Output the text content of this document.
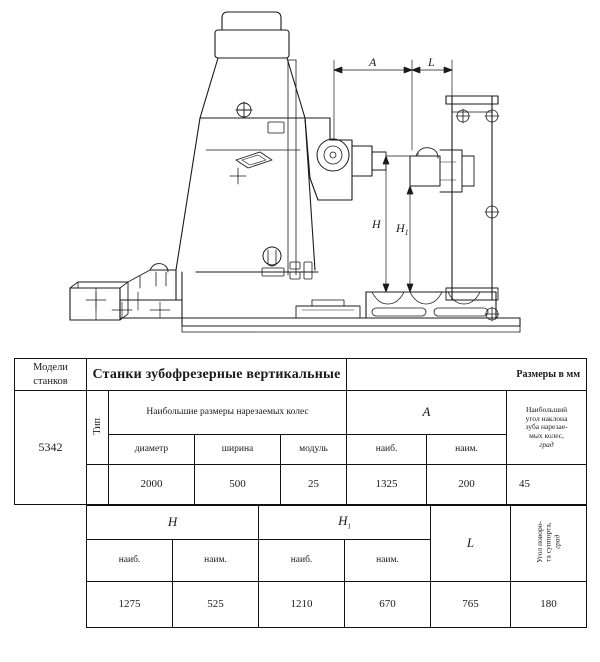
A	L
H $H_1$
Модели
станков	Станки зубофрезерные вертикальные				Размеры в мм		

5342	Тип	Наибольшие размеры нарезаемых колес			A		Наибольший
угол наклона
зуба нарезае-
мых колес,
град
		диаметр	ширина	модуль	наиб.	наим.	
		2000	500	25	1325	200	45
H		$H_1$		L	Угол поворо-
та суппорта,
град
наиб.	наим.	наиб.	наим.		
1275	525	1210	670	765	180
